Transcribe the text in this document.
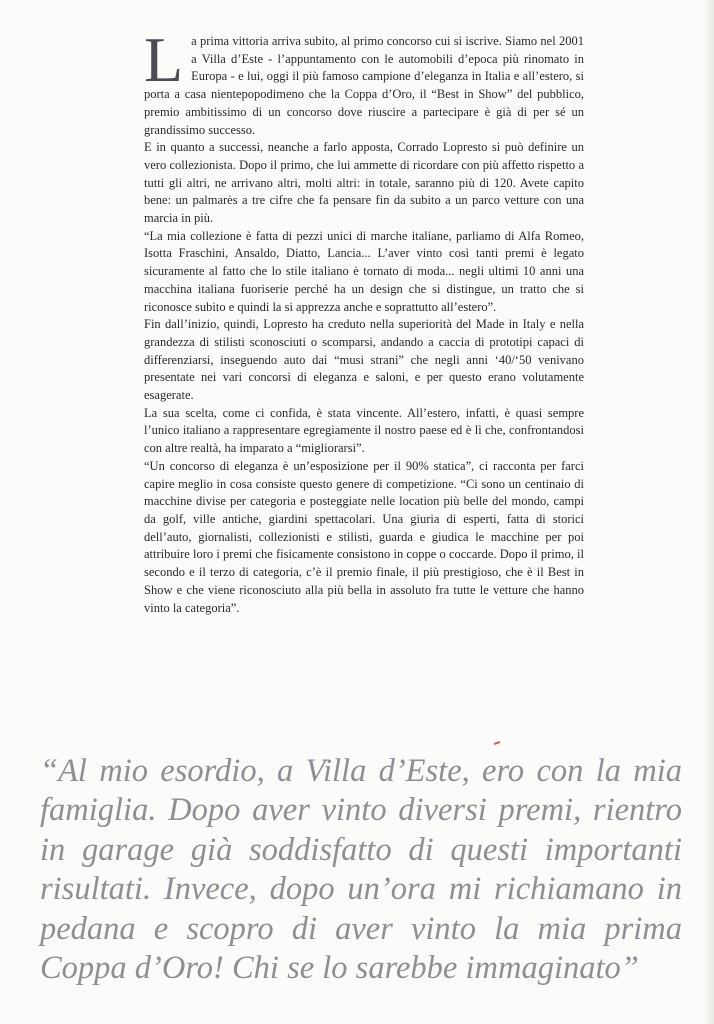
L a prima vittoria arriva subito, al primo concorso cui si iscrive. Siamo nel 2001 a Villa d’Este - l’appuntamento con le automobili d’epoca più rinomato in Europa - e lui, oggi il più famoso campione d’eleganza in Italia e all’estero, si porta a casa nientepopodimeno che la Coppa d’Oro, il “Best in Show” del pubblico, premio ambitissimo di un concorso dove riuscire a partecipare è già di per sé un grandissimo successo.

E in quanto a successi, neanche a farlo apposta, Corrado Lopresto si può definire un vero collezionista. Dopo il primo, che lui ammette di ricordare con più affetto rispetto a tutti gli altri, ne arrivano altri, molti altri: in totale, saranno più di 120. Avete capito bene: un palmarès a tre cifre che fa pensare fin da subito a un parco vetture con una marcia in più.

“La mia collezione è fatta di pezzi unici di marche italiane, parliamo di Alfa Romeo, Isotta Fraschini, Ansaldo, Diatto, Lancia... L’aver vinto così tanti premi è legato sicuramente al fatto che lo stile italiano è tornato di moda... negli ultimi 10 anni una macchina italiana fuoriserie perché ha un design che si distingue, un tratto che si riconosce subito e quindi la si apprezza anche e soprattutto all’estero”.

Fin dall’inizio, quindi, Lopresto ha creduto nella superiorità del Made in Italy e nella grandezza di stilisti sconosciuti o scomparsi, andando a caccia di prototipi capaci di differenziarsi, inseguendo auto dai “musi strani” che negli anni ‘40/‘50 venivano presentate nei vari concorsi di eleganza e saloni, e per questo erano volutamente esagerate.

La sua scelta, come ci confida, è stata vincente. All’estero, infatti, è quasi sempre l’unico italiano a rappresentare egregiamente il nostro paese ed è lì che, confrontandosi con altre realtà, ha imparato a “migliorarsi”.

“Un concorso di eleganza è un’esposizione per il 90% statica”, ci racconta per farci capire meglio in cosa consiste questo genere di competizione. “Ci sono un centinaio di macchine divise per categoria e posteggiate nelle location più belle del mondo, campi da golf, ville antiche, giardini spettacolari. Una giuria di esperti, fatta di storici dell’auto, giornalisti, collezionisti e stilisti, guarda e giudica le macchine per poi attribuire loro i premi che fisicamente consistono in coppe o coccarde. Dopo il primo, il secondo e il terzo di categoria, c’è il premio finale, il più prestigioso, che è il Best in Show e che viene riconosciuto alla più bella in assoluto fra tutte le vetture che hanno vinto la categoria”.

“Al mio esordio, a Villa d’Este, ero con la mia famiglia. Dopo aver vinto diversi premi, rientro in garage già soddisfatto di questi importanti risultati. Invece, dopo un’ora mi richiamano in pedana e scopro di aver vinto la mia prima Coppa d’Oro! Chi se lo sarebbe immaginato”
